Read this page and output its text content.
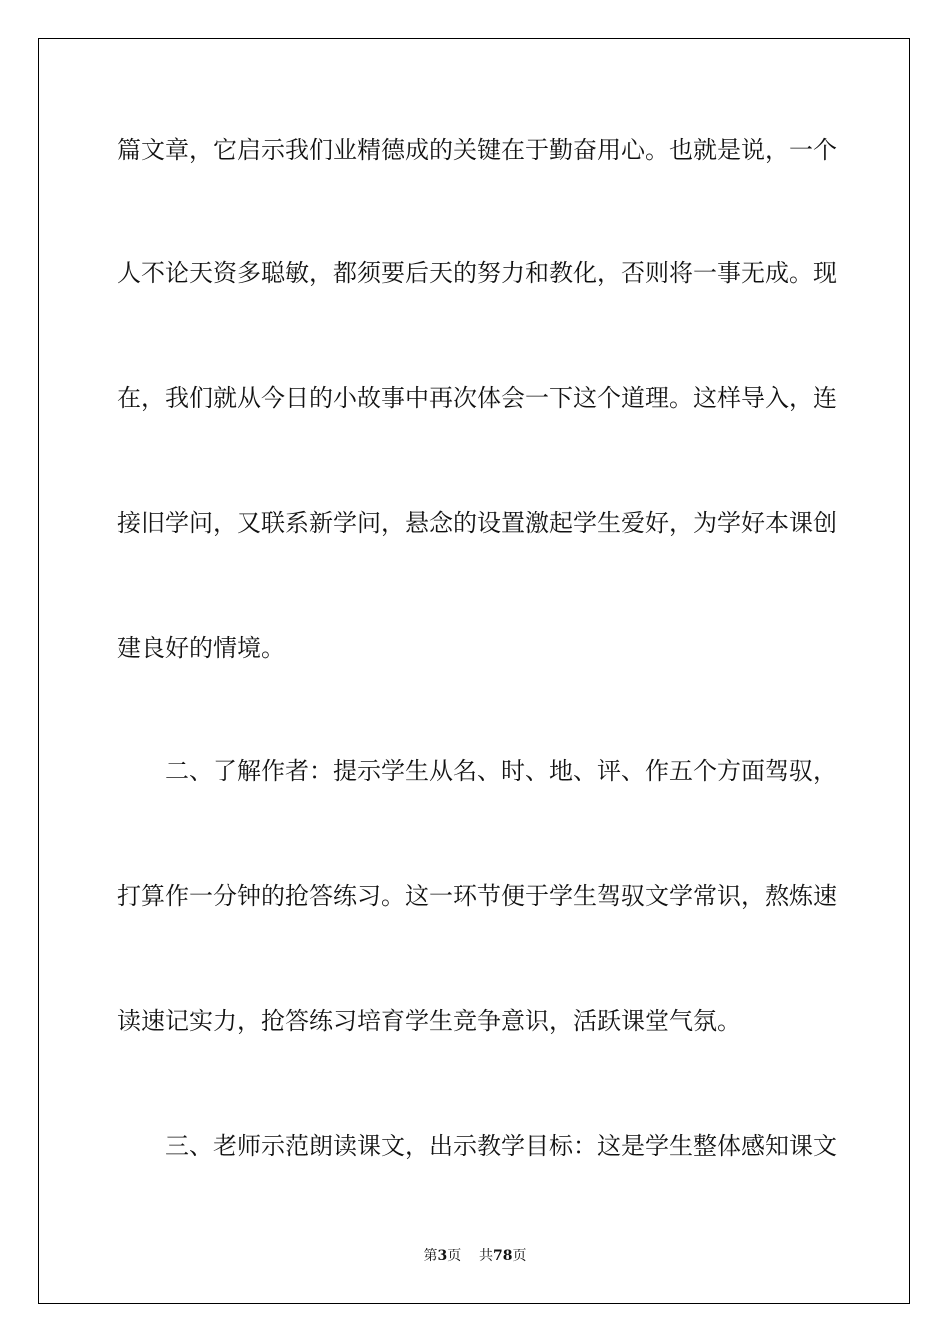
篇文章，它启示我们业精德成的关键在于勤奋用心。也就是说，一个
人不论天资多聪敏，都须要后天的努力和教化，否则将一事无成。现
在，我们就从今日的小故事中再次体会一下这个道理。这样导入，连
接旧学问，又联系新学问，悬念的设置激起学生爱好，为学好本课创
建良好的情境。
二、了解作者：提示学生从名、时、地、评、作五个方面驾驭，
打算作一分钟的抢答练习。这一环节便于学生驾驭文学常识，熬炼速
读速记实力，抢答练习培育学生竞争意识，活跃课堂气氛。
三、老师示范朗读课文，出示教学目标：这是学生整体感知课文
第3页 共78页
